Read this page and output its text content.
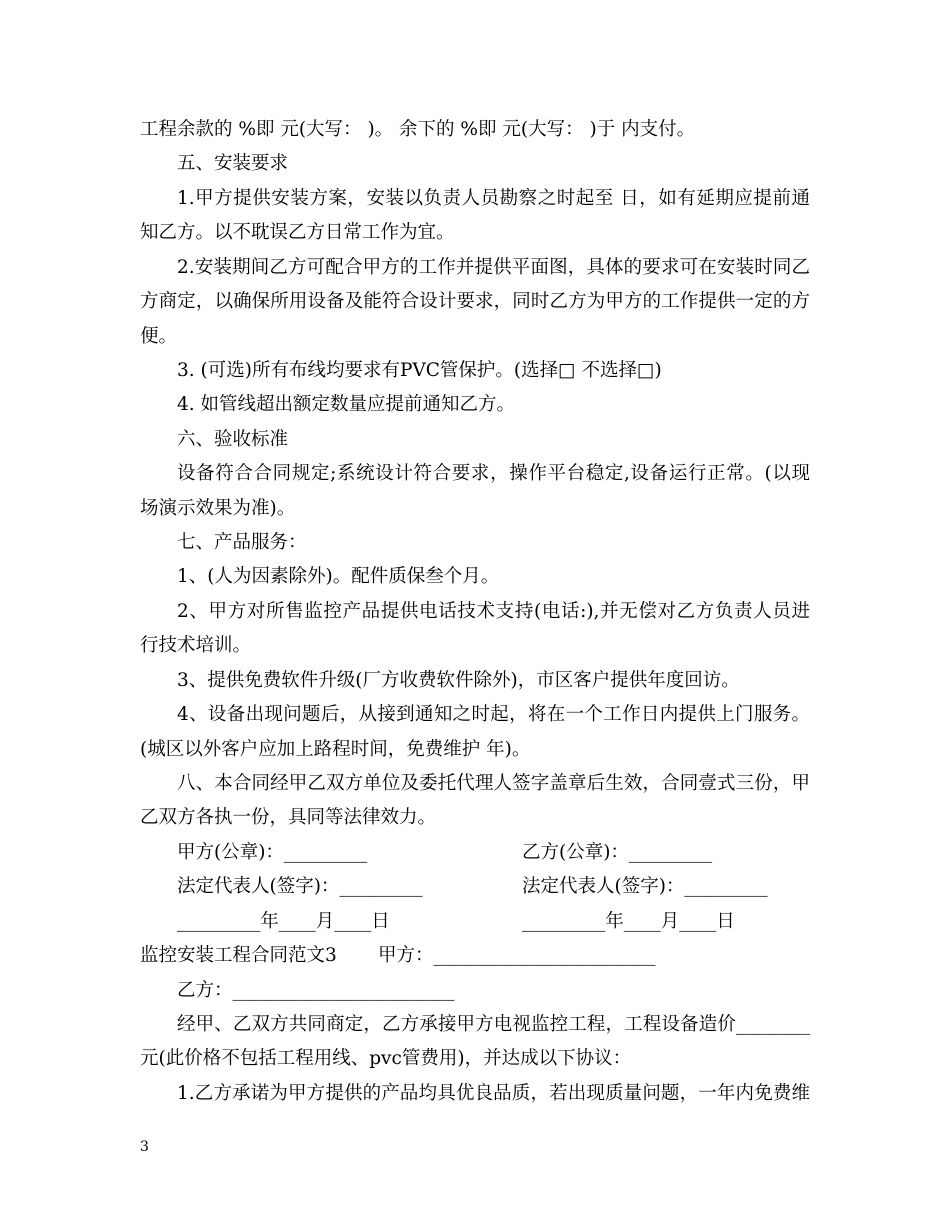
工程余款的 %即 元(大写： )。 余下的 %即 元(大写： )于 内支付。
五、安装要求
1.甲方提供安装方案，安装以负责人员勘察之时起至 日，如有延期应提前通
知乙方。以不耽误乙方日常工作为宜。
2.安装期间乙方可配合甲方的工作并提供平面图，具体的要求可在安装时同乙
方商定，以确保所用设备及能符合设计要求，同时乙方为甲方的工作提供一定的方
便。
3. (可选)所有布线均要求有PVC管保护。(选择□ 不选择□)
4. 如管线超出额定数量应提前通知乙方。
六、验收标准
设备符合合同规定;系统设计符合要求，操作平台稳定,设备运行正常。(以现
场演示效果为准)。
七、产品服务：
1、(人为因素除外)。配件质保叁个月。
2、甲方对所售监控产品提供电话技术支持(电话:),并无偿对乙方负责人员进
行技术培训。
3、提供免费软件升级(厂方收费软件除外)，市区客户提供年度回访。
4、设备出现问题后，从接到通知之时起，将在一个工作日内提供上门服务。
(城区以外客户应加上路程时间，免费维护 年)。
八、本合同经甲乙双方单位及委托代理人签字盖章后生效，合同壹式三份，甲
乙双方各执一份，具同等法律效力。
甲方(公章)：_________	乙方(公章)：_________
法定代表人(签字)：_________	法定代表人(签字)：_________
_________年____月____日	_________年____月____日
监控安装工程合同范文3	甲方：________________________
乙方：________________________
经甲、乙双方共同商定，乙方承接甲方电视监控工程，工程设备造价________
元(此价格不包括工程用线、pvc管费用)，并达成以下协议：
1.乙方承诺为甲方提供的产品均具优良品质，若出现质量问题，一年内免费维
3
